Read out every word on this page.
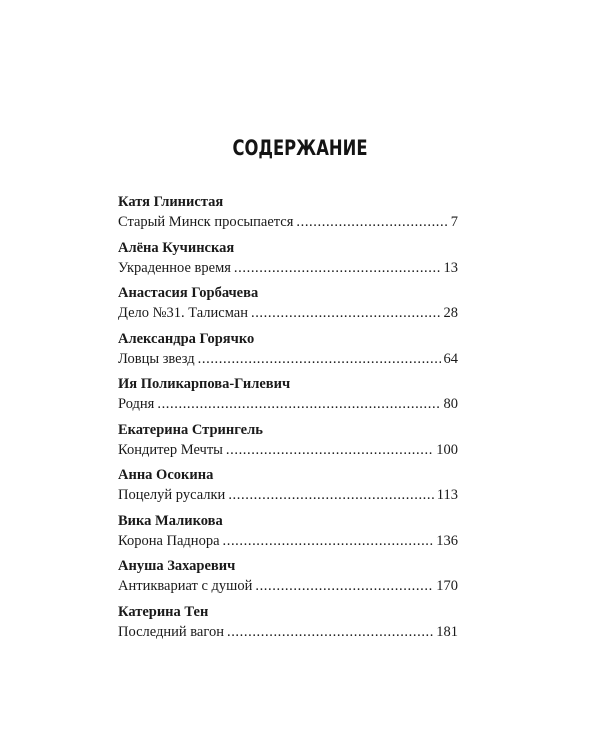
СОДЕРЖАНИЕ
Катя Глинистая
Старый Минск просыпается .....	7
Алёна Кучинская
Украденное время .....	13
Анастасия Горбачева
Дело №31. Талисман .....	28
Александра Горячко
Ловцы звезд .....	64
Ия Поликарпова-Гилевич
Родня .....	80
Екатерина Стрингель
Кондитер Мечты .....	100
Анна Осокина
Поцелуй русалки .....	113
Вика Маликова
Корона Паднора .....	136
Ануша Захаревич
Антиквариат с душой .....	170
Катерина Тен
Последний вагон .....	181
